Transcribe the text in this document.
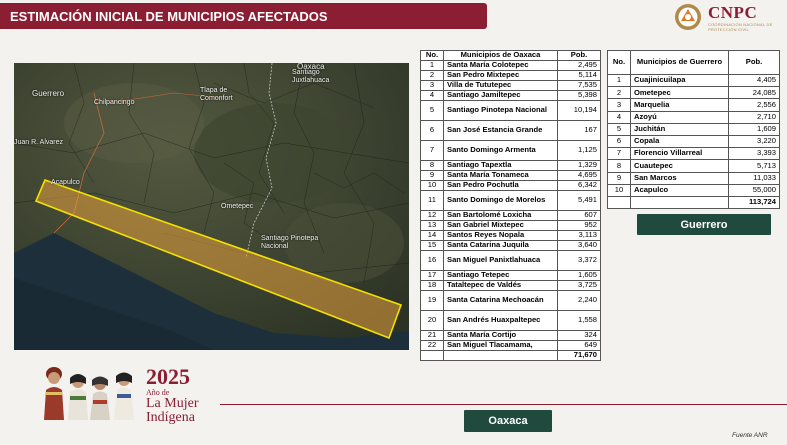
ESTIMACIÓN INICIAL DE MUNICIPIOS AFECTADOS	CNPC
COORDINACIÓN NACIONAL DE PROTECCIÓN CIVIL
Guerrero
Chilpancingo
Tlapa de Comonfort
Juan R. Alvarez
Acapulco
Ometepec
Santiago Pinotepa Nacional
Oaxaca
Santiago Juxtlahuaca
No.	Municipios de Oaxaca	Pob.
1	Santa María Colotepec	2,495
2	San Pedro Mixtepec	5,114
3	Villa de Tututepec	7,535
4	Santiago Jamiltepec	5,398
5	Santiago Pinotepa Nacional	10,194
6	San José Estancia Grande	167
7	Santo Domingo Armenta	1,125
8	Santiago Tapextla	1,329
9	Santa María Tonameca	4,695
10	San Pedro Pochutla	6,342
11	Santo Domingo de Morelos	5,491
12	San Bartolomé Loxicha	607
13	San Gabriel Mixtepec	952
14	Santos Reyes Nopala	3,113
15	Santa Catarina Juquila	3,640
16	San Miguel Panixtlahuaca	3,372
17	Santiago Tetepec	1,605
18	Tataltepec de Valdés	3,725
19	Santa Catarina Mechoacán	2,240
20	San Andrés Huaxpaltepec	1,558
21	Santa María Cortijo	324
22	San Miguel Tlacamama,	649
		71,670
No.	Municipios de Guerrero	Pob.
1	Cuajinicuilapa	4,405
2	Ometepec	24,085
3	Marquelia	2,556
4	Azoyú	2,710
5	Juchitán	1,609
6	Copala	3,220
7	Florencio Villarreal	3,393
8	Cuautepec	5,713
9	San Marcos	11,033
10	Acapulco	55,000
		113,724
Guerrero
Oaxaca
2025
Año de
La Mujer
Indígena
Fuente ANR
